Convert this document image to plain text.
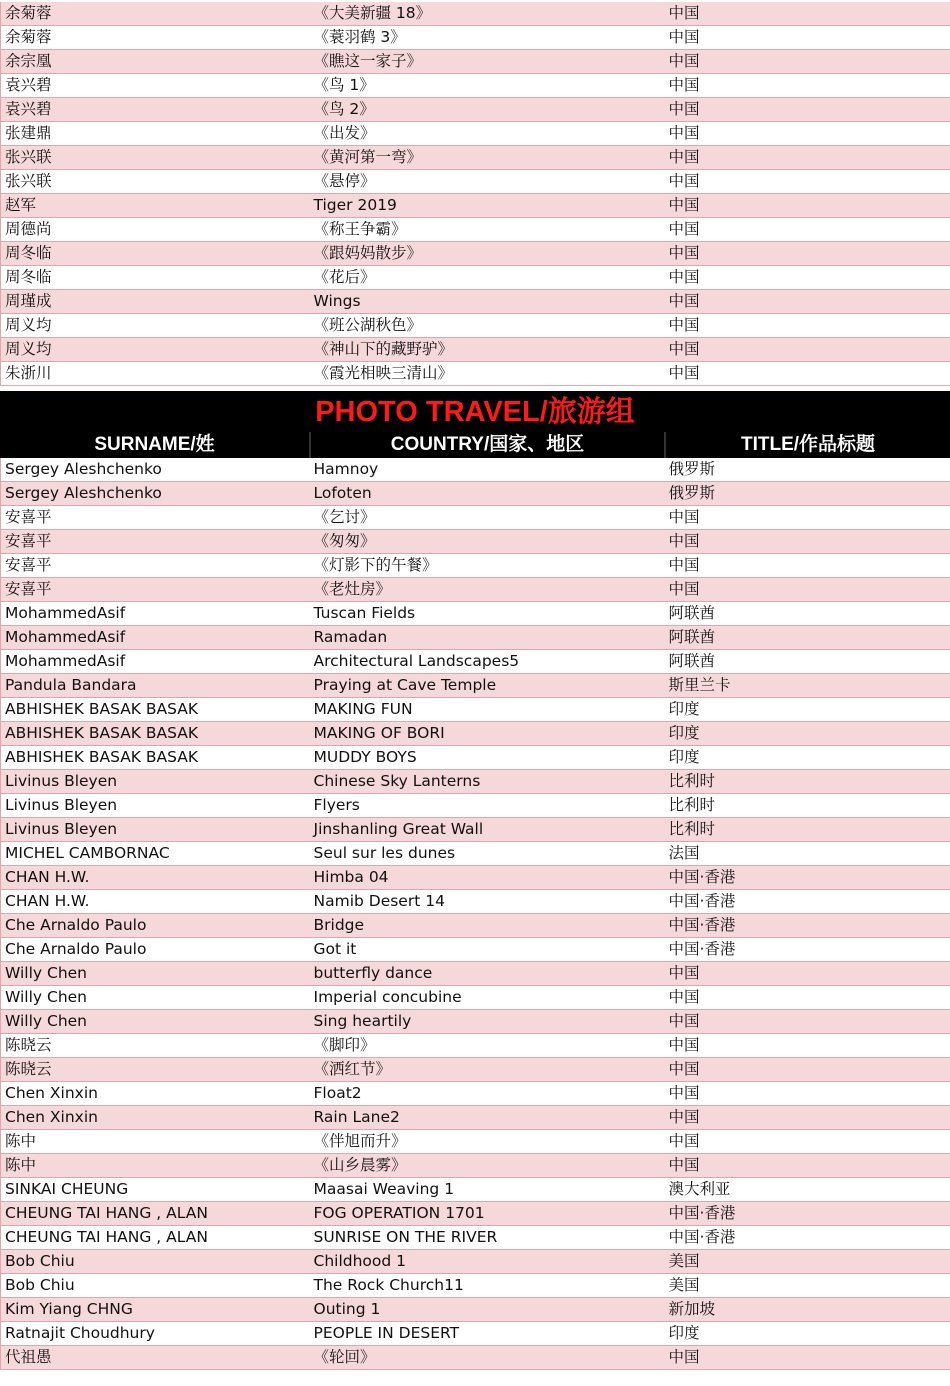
余菊蓉	《大美新疆 18》	中国
余菊蓉	《蓑羽鹤 3》	中国
余宗凰	《瞧这一家子》	中国
袁兴碧	《鸟 1》	中国
袁兴碧	《鸟 2》	中国
张建鼎	《出发》	中国
张兴联	《黄河第一弯》	中国
张兴联	《悬停》	中国
赵军	Tiger 2019	中国
周德尚	《称王争霸》	中国
周冬临	《跟妈妈散步》	中国
周冬临	《花后》	中国
周瑾成	Wings	中国
周义均	《班公湖秋色》	中国
周义均	《神山下的藏野驴》	中国
朱浙川	《霞光相映三清山》	中国
PHOTO TRAVEL/旅游组
SURNAME/姓	COUNTRY/国家、地区	TITLE/作品标题
Sergey Aleshchenko	Hamnoy	俄罗斯
Sergey Aleshchenko	Lofoten	俄罗斯
安喜平	《乞讨》	中国
安喜平	《匆匆》	中国
安喜平	《灯影下的午餐》	中国
安喜平	《老灶房》	中国
MohammedAsif	Tuscan Fields	阿联酋
MohammedAsif	Ramadan	阿联酋
MohammedAsif	Architectural Landscapes5	阿联酋
Pandula Bandara	Praying at Cave Temple	斯里兰卡
ABHISHEK BASAK BASAK	MAKING FUN	印度
ABHISHEK BASAK BASAK	MAKING OF BORI	印度
ABHISHEK BASAK BASAK	MUDDY BOYS	印度
Livinus Bleyen	Chinese Sky Lanterns	比利时
Livinus Bleyen	Flyers	比利时
Livinus Bleyen	Jinshanling Great Wall	比利时
MICHEL CAMBORNAC	Seul sur les dunes	法国
CHAN H.W.	Himba 04	中国·香港
CHAN H.W.	Namib Desert 14	中国·香港
Che Arnaldo Paulo	Bridge	中国·香港
Che Arnaldo Paulo	Got it	中国·香港
Willy Chen	butterfly dance	中国
Willy Chen	Imperial concubine	中国
Willy Chen	Sing heartily	中国
陈晓云	《脚印》	中国
陈晓云	《洒红节》	中国
Chen Xinxin	Float2	中国
Chen Xinxin	Rain Lane2	中国
陈中	《伴旭而升》	中国
陈中	《山乡晨雾》	中国
SINKAI CHEUNG	Maasai Weaving 1	澳大利亚
CHEUNG TAI HANG , ALAN	FOG OPERATION 1701	中国·香港
CHEUNG TAI HANG , ALAN	SUNRISE ON THE RIVER	中国·香港
Bob Chiu	Childhood 1	美国
Bob Chiu	The Rock Church11	美国
Kim Yiang CHNG	Outing 1	新加坡
Ratnajit Choudhury	PEOPLE IN DESERT	印度
代祖愚	《轮回》	中国
